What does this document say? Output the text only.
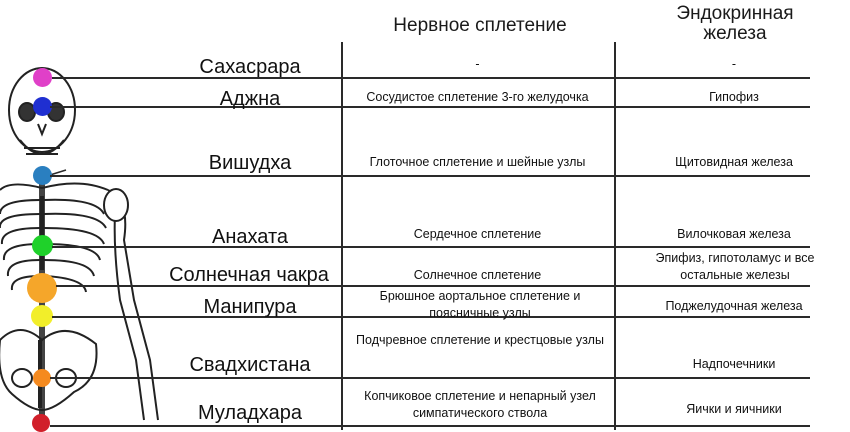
Нервное сплетение
Эндокринная
железа
Сахасрара
Аджна
Вишудха
Анахата
Солнечная чакра
Манипура
Свадхистана
Муладхара
-
Сосудистое сплетение 3-го желудочка
Глоточное сплетение и шейные узлы
Сердечное сплетение
Солнечное сплетение
Брюшное аортальное сплетение и поясничные узлы
Подчревное сплетение и крестцовые узлы
Копчиковое сплетение и непарный узел симпатического ствола
-
Гипофиз
Щитовидная железа
Вилочковая железа
Эпифиз, гипотоламус и все остальные железы
Поджелудочная железа
Надпочечники
Яички и яичники
